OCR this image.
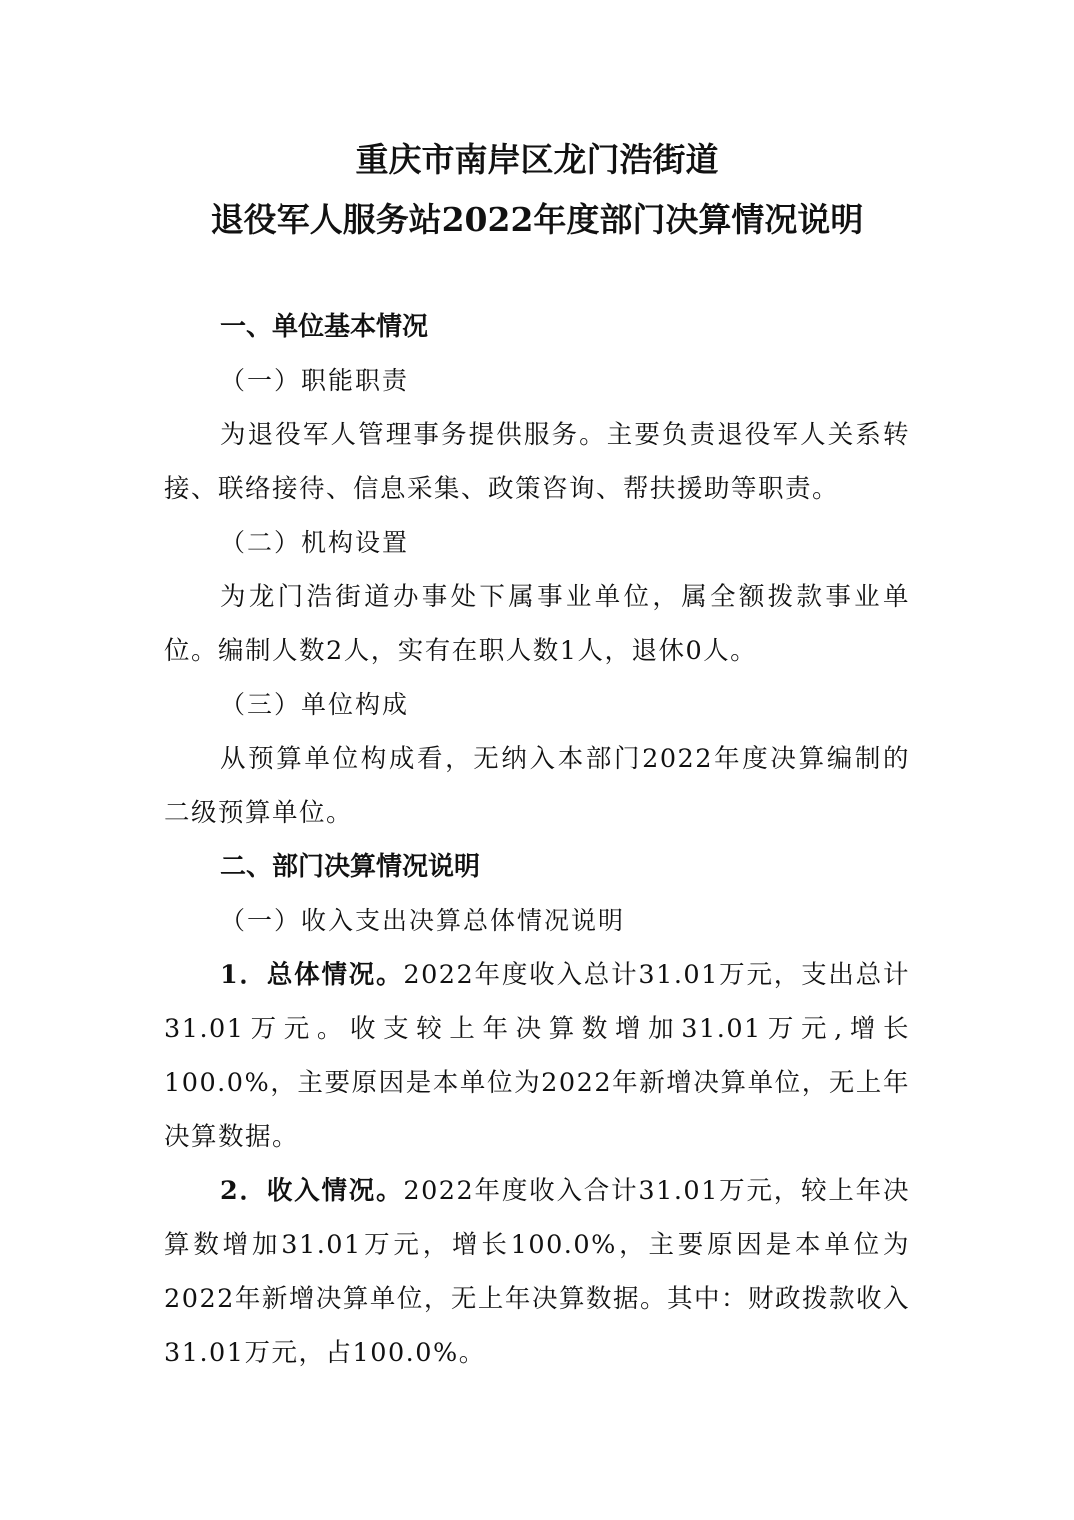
重庆市南岸区龙门浩街道
退役军人服务站2022年度部门决算情况说明

一、单位基本情况

（一）职能职责

为退役军人管理事务提供服务。主要负责退役军人关系转接、联络接待、信息采集、政策咨询、帮扶援助等职责。

（二）机构设置

为龙门浩街道办事处下属事业单位，属全额拨款事业单位。编制人数2人，实有在职人数1人，退休0人。

（三）单位构成

从预算单位构成看，无纳入本部门2022年度决算编制的二级预算单位。

二、部门决算情况说明

（一）收入支出决算总体情况说明

1．总体情况。2022年度收入总计31.01万元，支出总计31.01万元。收支较上年决算数增加31.01万元,增长100.0%，主要原因是本单位为2022年新增决算单位，无上年决算数据。

2．收入情况。2022年度收入合计31.01万元，较上年决算数增加31.01万元，增长100.0%，主要原因是本单位为2022年新增决算单位，无上年决算数据。其中：财政拨款收入31.01万元，占100.0%。
